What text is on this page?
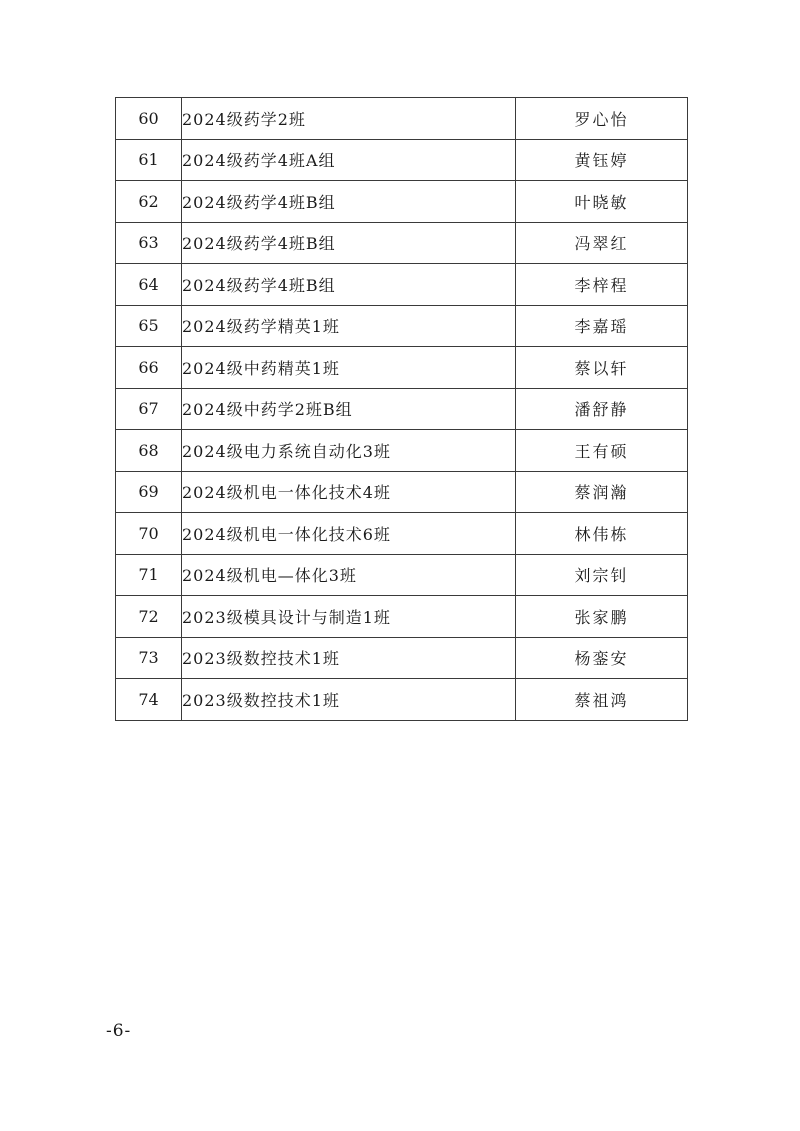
60	2024级药学2班	罗心怡
61	2024级药学4班A组	黄钰婷
62	2024级药学4班B组	叶晓敏
63	2024级药学4班B组	冯翠红
64	2024级药学4班B组	李梓程
65	2024级药学精英1班	李嘉瑶
66	2024级中药精英1班	蔡以轩
67	2024级中药学2班B组	潘舒静
68	2024级电力系统自动化3班	王有硕
69	2024级机电一体化技术4班	蔡润瀚
70	2024级机电一体化技术6班	林伟栋
71	2024级机电—体化3班	刘宗钊
72	2023级模具设计与制造1班	张家鹏
73	2023级数控技术1班	杨銮安
74	2023级数控技术1班	蔡祖鸿
-6-
